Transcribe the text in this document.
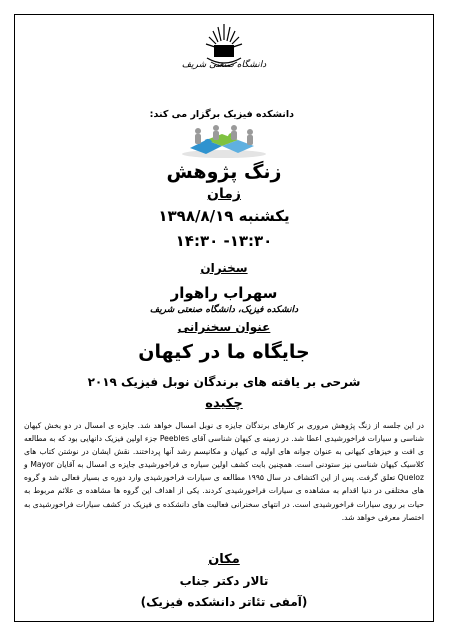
دانشگاه صنعتی شریف
دانشکده فیزیک برگزار می کند:
زنگ پژوهش
زمان
یکشنبه ۱۳۹۸/۸/۱۹
۱۳:۳۰- ۱۴:۳۰
سخنران
سهراب راهوار
دانشکده فیزیک، دانشگاه صنعتی شریف
عنوان سخنرانی
جایگاه ما در کیهان
شرحی بر یافته های برندگان نوبل فیزیک ۲۰۱۹
چکیده
در این جلسه از زنگ پژوهش مروری بر کارهای برندگان جایزه ی نوبل امسال خواهد شد. جایزه ی امسال در دو بخش کیهان شناسی و سیارات فراخورشیدی اعطا شد. در زمینه ی کیهان شناسی آقای Peebles جزء اولین فیزیک دانهایی بود که به مطالعه ی افت و خیزهای کیهانی به عنوان جوانه های اولیه ی کیهان و مکانیسم رشد آنها پرداختند. نقش ایشان در نوشتن کتاب های کلاسیک کیهان شناسی نیز ستودنی است. همچنین بابت کشف اولین سیاره ی فراخورشیدی جایزه ی امسال به آقایان Mayor و Queloz تعلق گرفت. پس از این اکتشاف در سال ۱۹۹۵ مطالعه ی سیارات فراخورشیدی وارد دوره ی بسیار فعالی شد و گروه های مختلفی در دنیا اقدام به مشاهده ی سیارات فراخورشیدی کردند. یکی از اهداف این گروه ها مشاهده ی علائم مربوط به حیات بر روی سیارات فراخورشیدی است. در انتهای سخنرانی فعالیت های دانشکده ی فیزیک در کشف سیارات فراخورشیدی به اختصار معرفی خواهد شد.
مکان
تالار دکتر جناب
(آمفی تئاتر دانشکده فیزیک)
